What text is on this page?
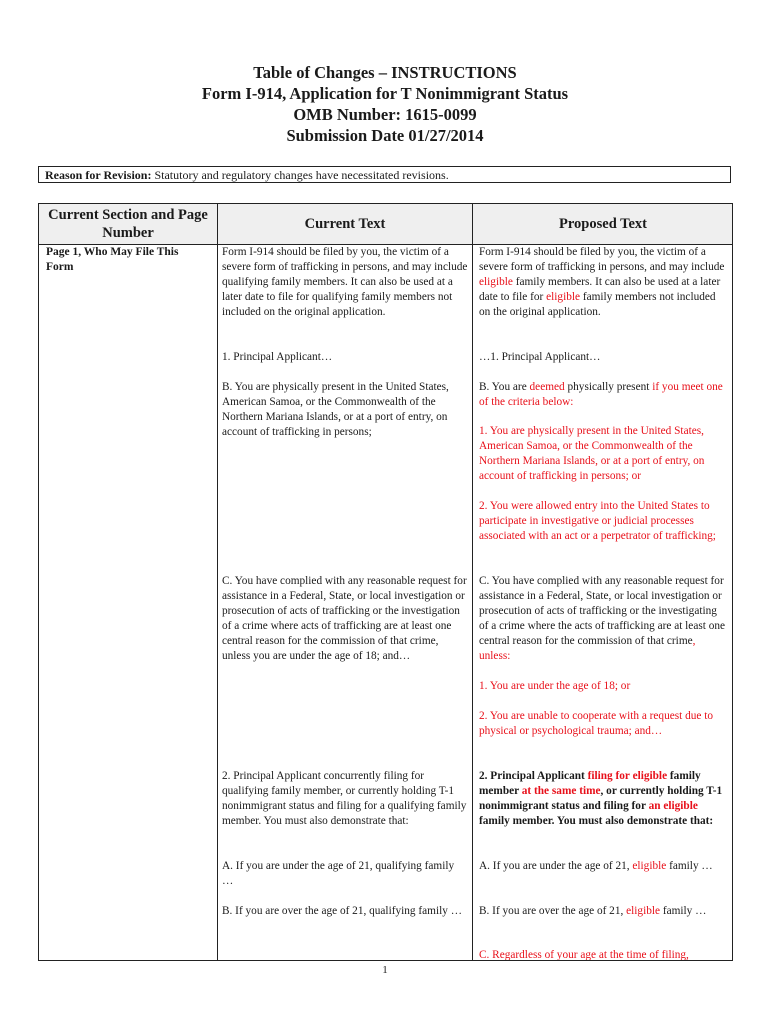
Table of Changes – INSTRUCTIONS
Form I-914, Application for T Nonimmigrant Status
OMB Number: 1615-0099
Submission Date 01/27/2014
Reason for Revision: Statutory and regulatory changes have necessitated revisions.
Current Section and Page Number
Current Text	Proposed Text
Page 1, Who May File This Form
Form I-914 should be filed by you, the victim of a severe form of trafficking in persons, and may include qualifying family members. It can also be used at a later date to file for qualifying family members not included on the original application.
1. Principal Applicant…
B. You are physically present in the United States, American Samoa, or the Commonwealth of the Northern Mariana Islands, or at a port of entry, on account of trafficking in persons;
C. You have complied with any reasonable request for assistance in a Federal, State, or local investigation or prosecution of acts of trafficking or the investigation of a crime where acts of trafficking are at least one central reason for the commission of that crime, unless you are under the age of 18; and…
2. Principal Applicant concurrently filing for qualifying family member, or currently holding T-1 nonimmigrant status and filing for a qualifying family member. You must also demonstrate that:
A. If you are under the age of 21, qualifying family …
B. If you are over the age of 21, qualifying family …
Form I-914 should be filed by you, the victim of a severe form of trafficking in persons, and may include eligible family members. It can also be used at a later date to file for eligible family members not included on the original application.
…1. Principal Applicant…
B. You are deemed physically present if you meet one of the criteria below:
1. You are physically present in the United States, American Samoa, or the Commonwealth of the Northern Mariana Islands, or at a port of entry, on account of trafficking in persons; or
2. You were allowed entry into the United States to participate in investigative or judicial processes associated with an act or a perpetrator of trafficking;
C. You have complied with any reasonable request for assistance in a Federal, State, or local investigation or prosecution of acts of trafficking or the investigating of a crime where the acts of trafficking are at least one central reason for the commission of that crime, unless:
1. You are under the age of 18; or
2. You are unable to cooperate with a request due to physical or psychological trauma; and…
2. Principal Applicant filing for eligible family member at the same time, or currently holding T-1 nonimmigrant status and filing for an eligible family member. You must also demonstrate that:
A. If you are under the age of 21, eligible family …
B. If you are over the age of 21, eligible family …
C. Regardless of your age at the time of filing,
1
